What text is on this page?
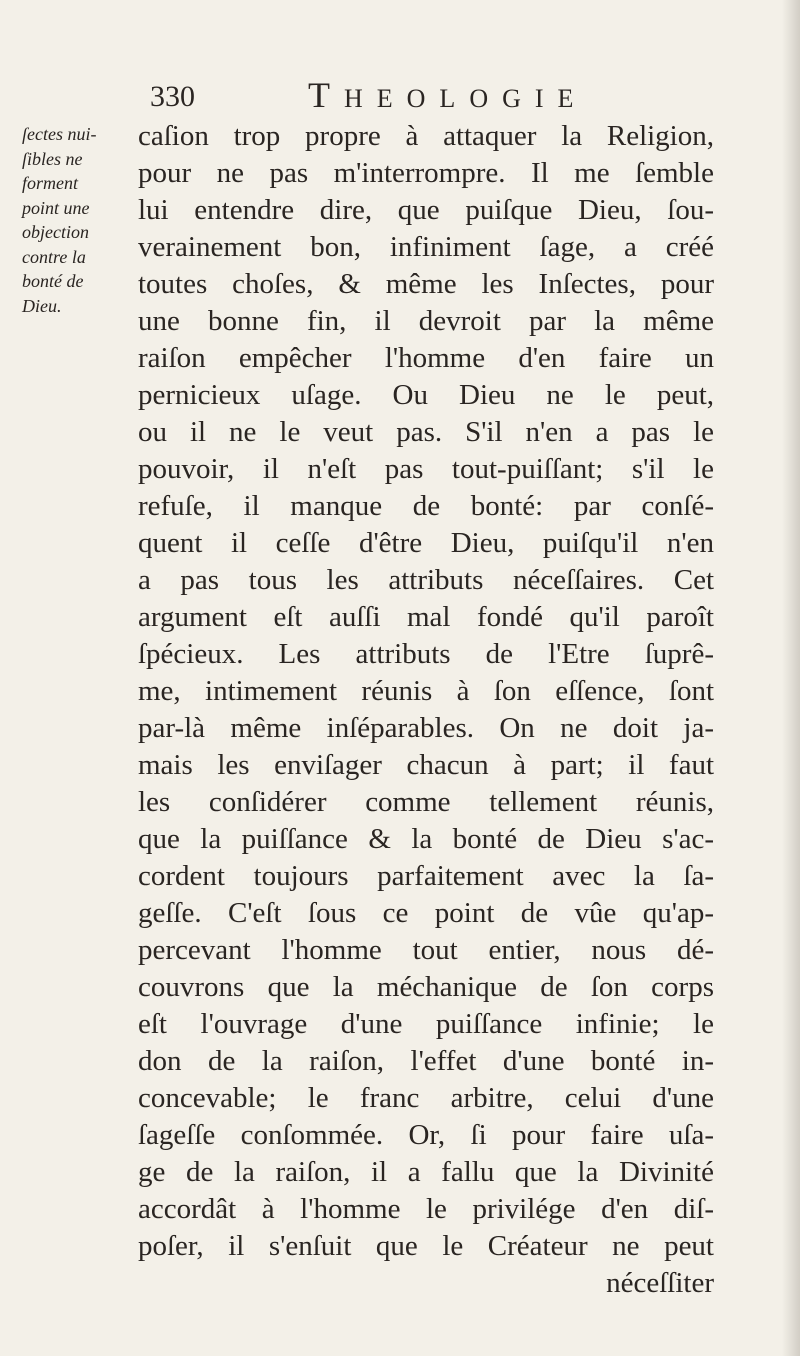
330	THEOLOGIE
ſectes nui-
ſibles ne
forment
point une
objection
contre la
bonté de
Dieu.
caſion trop propre à attaquer la Religion,
pour ne pas m'interrompre. Il me ſemble
lui entendre dire, que puiſque Dieu, ſou-
verainement bon, infiniment ſage, a créé
toutes choſes, & même les Inſectes, pour
une bonne fin, il devroit par la même
raiſon empêcher l'homme d'en faire un
pernicieux uſage. Ou Dieu ne le peut,
ou il ne le veut pas. S'il n'en a pas le
pouvoir, il n'eſt pas tout-puiſſant; s'il le
refuſe, il manque de bonté: par conſé-
quent il ceſſe d'être Dieu, puiſqu'il n'en
a pas tous les attributs néceſſaires. Cet
argument eſt auſſi mal fondé qu'il paroît
ſpécieux. Les attributs de l'Etre ſuprê-
me, intimement réunis à ſon eſſence, ſont
par-là même inſéparables. On ne doit ja-
mais les enviſager chacun à part; il faut
les conſidérer comme tellement réunis,
que la puiſſance & la bonté de Dieu s'ac-
cordent toujours parfaitement avec la ſa-
geſſe. C'eſt ſous ce point de vûe qu'ap-
percevant l'homme tout entier, nous dé-
couvrons que la méchanique de ſon corps
eſt l'ouvrage d'une puiſſance infinie; le
don de la raiſon, l'effet d'une bonté in-
concevable; le franc arbitre, celui d'une
ſageſſe conſommée. Or, ſi pour faire uſa-
ge de la raiſon, il a fallu que la Divinité
accordât à l'homme le privilége d'en diſ-
poſer, il s'enſuit que le Créateur ne peut
néceſſiter
